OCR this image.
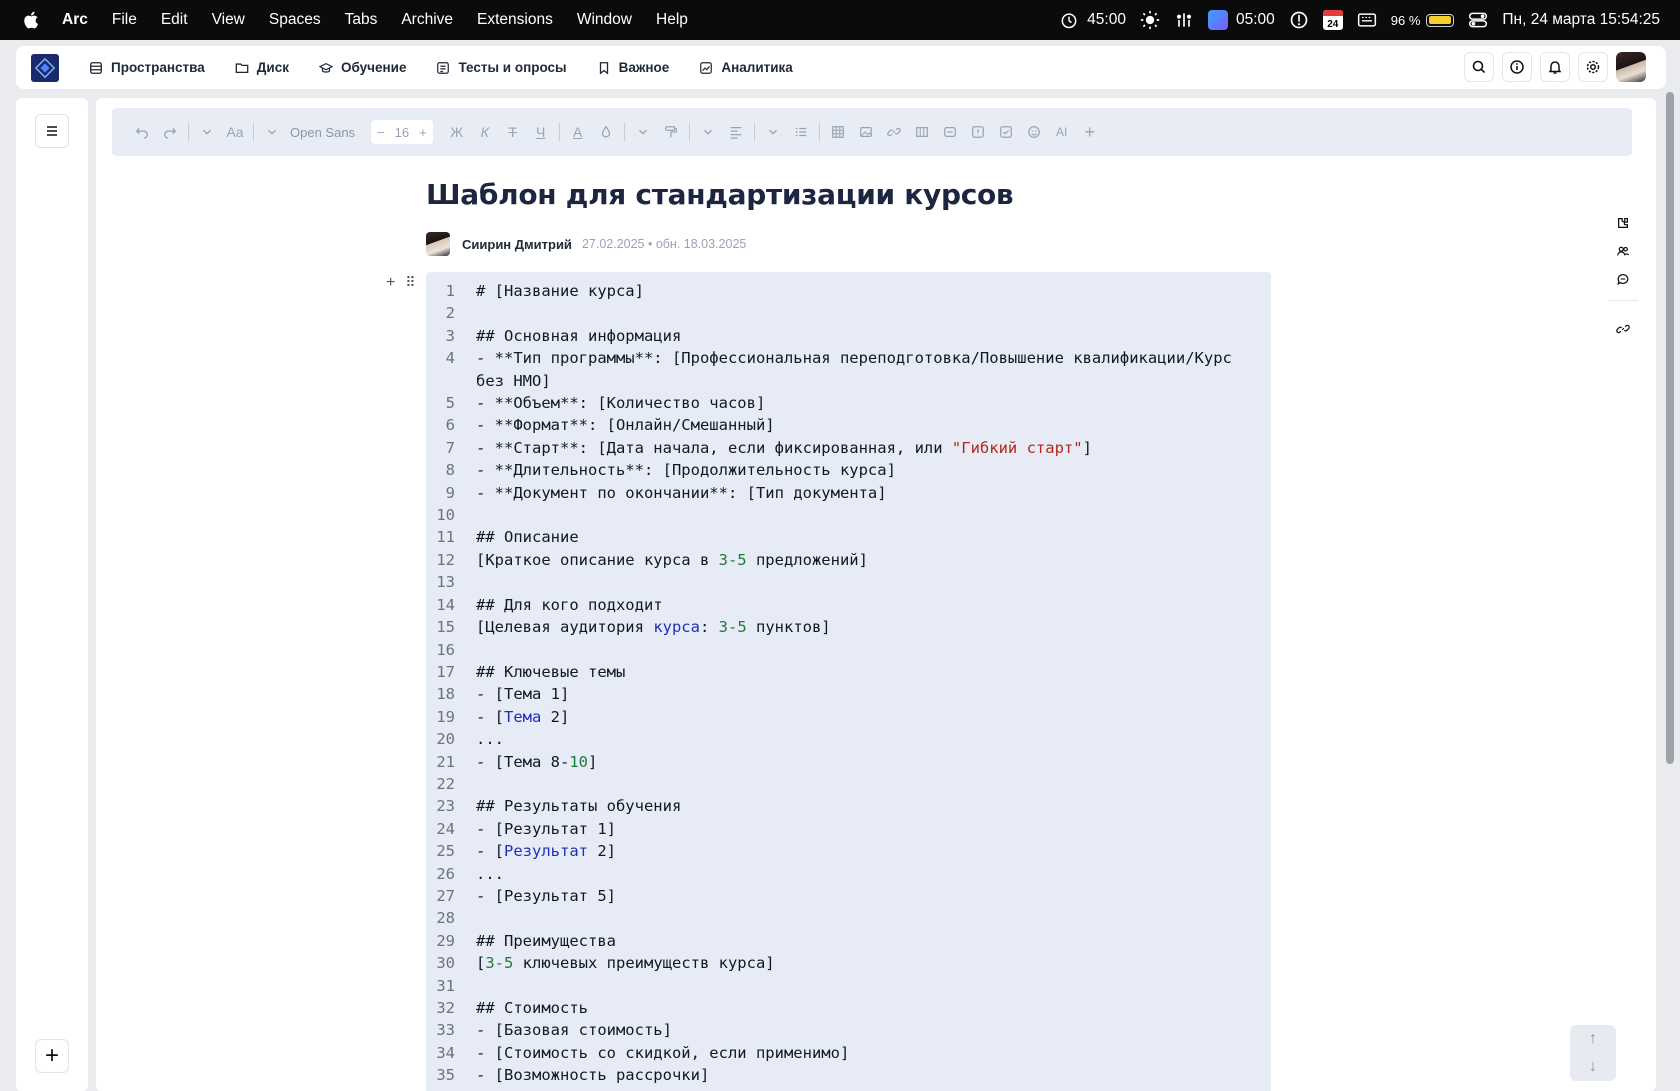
Arc File Edit View Spaces Tabs Archive Extensions Window Help	45:00	05:00	24	96 %	Пн, 24 марта 15:54:25
Пространства	Диск	Обучение	Тесты и опросы	Важное	Аналитика
+
Aa	Open Sans − 16 +	Ж	К	Т	Ч	A	AI +
Шаблон для стандартизации курсов
Сиирин Дмитрий 27.02.2025 • обн. 18.03.2025
+ ⠿	1	# [Название курса]
2
3	## Основная информация
4	- **Тип программы**: [Профессиональная переподготовка/Повышение квалификации/Курс без НМО]
5	- **Объем**: [Количество часов]
6	- **Формат**: [Онлайн/Смешанный]
7	- **Старт**: [Дата начала, если фиксированная, или "Гибкий старт"]
8	- **Длительность**: [Продолжительность курса]
9	- **Документ по окончании**: [Тип документа]
10
11	## Описание
12	[Краткое описание курса в 3-5 предложений]
13
14	## Для кого подходит
15	[Целевая аудитория курса: 3-5 пунктов]
16
17	## Ключевые темы
18	- [Тема 1]
19	- [Тема 2]
20	...
21	- [Тема 8-10]
22
23	## Результаты обучения
24	- [Результат 1]
25	- [Результат 2]
26	...
27	- [Результат 5]
28
29	## Преимущества
30	[3-5 ключевых преимуществ курса]
31
32	## Стоимость
33	- [Базовая стоимость]
34	- [Стоимость со скидкой, если применимо]
35	- [Возможность рассрочки]
↑
↓
